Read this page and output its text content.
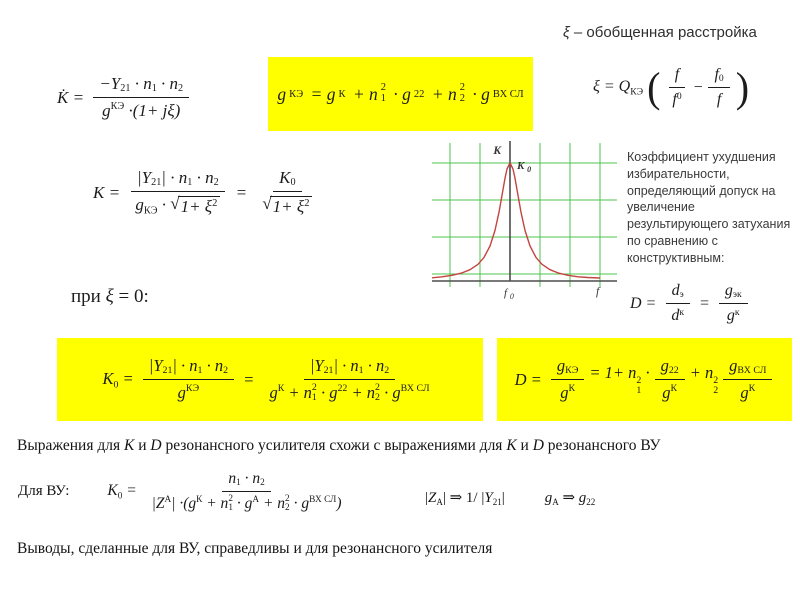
ξ – обобщенная расстройка
K̇ = $\frac{-Y 21 \cdot n 1 \cdot n 2}{\text{g КЭ ·(1+ jξ)}}$	g КЭ = g К + n 2
1 · g 22 + n 2
2 · g ВХ СЛ	$\xi = Q_{КЭ}$ ( $\frac{f}{f 0} - \frac{f 0}{f}$ )
$K = \frac{|Y 21 | \cdot n 1 \cdot n 2}{g_{КЭ} \cdot √ 1+ \xi^2} = \frac{K 0}{√ 1+ \xi^2}$
K
K $_0$
f $_0$	f
Коэффициент ухудшения избирательности, определяющий допуск на увеличение результирующего затухания по сравнению с конструктивным:
$D = \frac{\text{d э}}{\text{d к}} = \frac{\text{g эк}}{\text{g к}}$
при ξ = 0:
$K_0 = \frac{|Y 21 | \cdot n 1 \cdot n 2}{\text{g КЭ}} = |Y$ 21 | · n 1 · n 2
g К + n 2
$1 \cdot g^{22} + n$ 2
$2 \cdot g^{ВХ СЛ}$	$D = \frac{\text{g КЭ}}{\text{g К}} = 1+ n$ 2
1
· $\frac{g 22}{\text{g К}} + n$ 2
$2 \frac{\text{g ВХ СЛ}}{\text{g К}}$
Выражения для K и D резонансного усилителя схожи с выражениями для K и D резонансного ВУ
Для ВУ: $K_0 = n$ 1 · n 2
|Z А | ·(g К + n 2
$1 \cdot g^А + n$ 2
$2 \cdot g^{ВХ СЛ}$ )	$|Z_А|$ ⇒ 1/ $|Y_{21}|$	$g_А$ ⇒ $g_{22}$
Выводы, сделанные для ВУ, справедливы и для резонансного усилителя
